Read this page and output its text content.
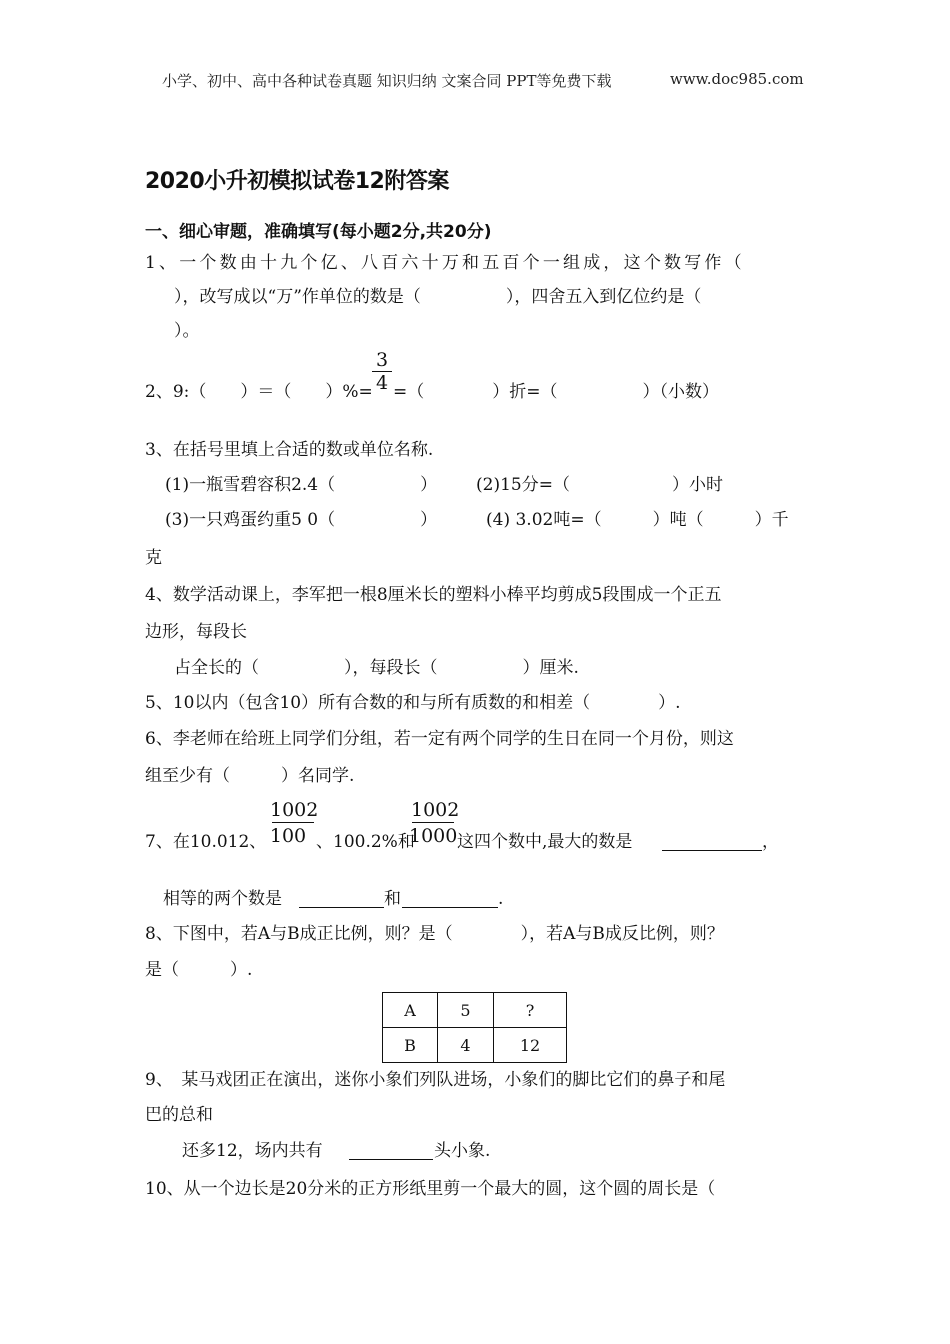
小学、初中、高中各种试卷真题 知识归纳 文案合同 PPT等免费下载	www.doc985.com
2020小升初模拟试卷12附答案
一、细心审题，准确填写(每小题2分,共20分)
1、一个数由十九个亿、八百六十万和五百个一组成，这个数写作（
），改写成以“万”作单位的数是（　　　　　），四舍五入到亿位约是（
）。
2、9:（　　）＝（　　）%=
3
4 =（　　　　）折=（　　　　　）（小数）
3、在括号里填上合适的数或单位名称.
(1)一瓶雪碧容积2.4（　　　　　） (2)15分=（　　　　　　）小时
(3)一只鸡蛋约重5 0（　　　　　）	(4) 3.02吨=（　　　）吨（　　　）千
克
4、数学活动课上，李军把一根8厘米长的塑料小棒平均剪成5段围成一个正五
边形，每段长
占全长的（　　　　　），每段长（　　　　　）厘米.
5、10以内（包含10）所有合数的和与所有质数的和相差（　　　　）.
6、李老师在给班上同学们分组，若一定有两个同学的生日在同一个月份，则这
组至少有（　　　）名同学.
7、在10.012、
1002
100 、100.2%和
1002
1000 这四个数中,最大的数是	，
相等的两个数是	和	.
8、下图中，若A与B成正比例，则？是（　　　　），若A与B成反比例，则？
是（　　　）.
A	5	?
B	4	12
9、　某马戏团正在演出，迷你小象们列队进场，小象们的脚比它们的鼻子和尾
巴的总和
还多12，场内共有	头小象.
10、从一个边长是20分米的正方形纸里剪一个最大的圆，这个圆的周长是（
